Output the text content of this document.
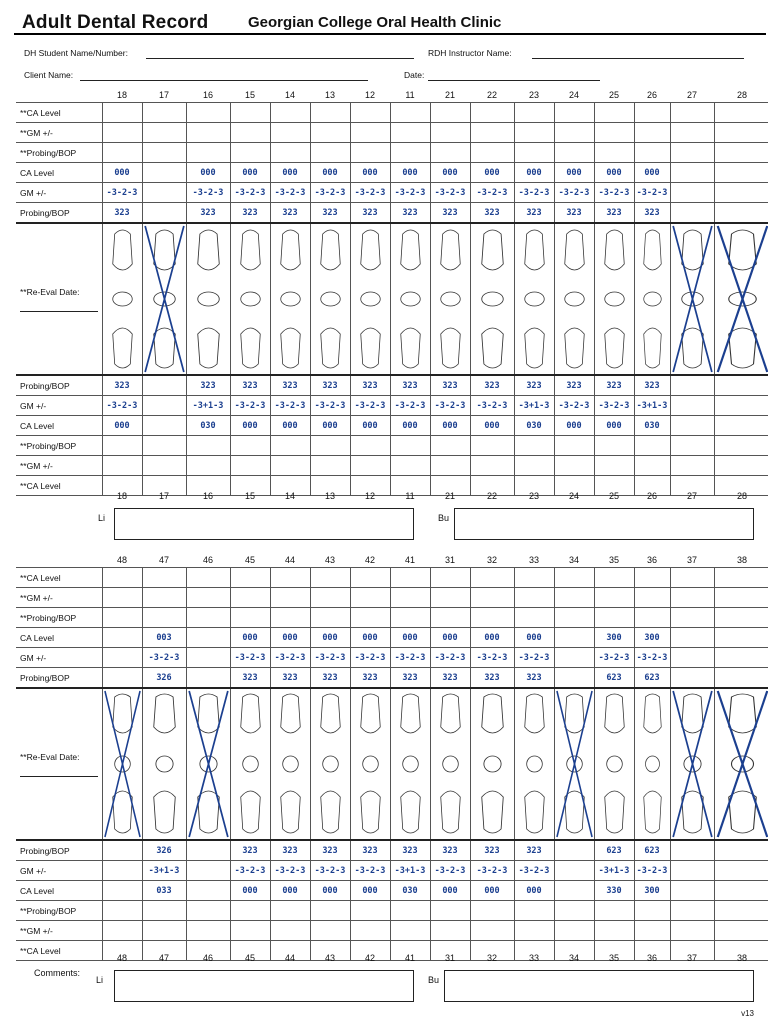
Adult Dental Record	Georgian College Oral Health Clinic
DH Student Name/Number:	RDH Instructor Name:
Client Name:	Date:
18	17	16	15	14	13	12	11	21	22	23	24	25	26	27	28
**CA Level																
**GM +/-																
**Probing/BOP																
CA Level	000		000	000	000	000	000	000	000	000	000	000	000	000		
GM +/-	-3-2-3		-3-2-3	-3-2-3	-3-2-3	-3-2-3	-3-2-3	-3-2-3	-3-2-3	-3-2-3	-3-2-3	-3-2-3	-3-2-3	-3-2-3		
Probing/BOP	323		323	323	323	323	323	323	323	323	323	323	323	323		
**Re-Eval Date:

Probing/BOP	323		323	323	323	323	323	323	323	323	323	323	323	323		
GM +/-	-3-2-3		-3+1-3	-3-2-3	-3-2-3	-3-2-3	-3-2-3	-3-2-3	-3-2-3	-3-2-3	-3+1-3	-3-2-3	-3-2-3	-3+1-3		
CA Level	000		030	000	000	000	000	000	000	000	030	000	000	030		
**Probing/BOP																
**GM +/-																
**CA Level																
18	17	16	15	14	13	12	11	21	22	23	24	25	26	27	28
Li	Bu
48	47	46	45	44	43	42	41	31	32	33	34	35	36	37	38
**CA Level																
**GM +/-																
**Probing/BOP																
CA Level		003		000	000	000	000	000	000	000	000		300	300		
GM +/-		-3-2-3		-3-2-3	-3-2-3	-3-2-3	-3-2-3	-3-2-3	-3-2-3	-3-2-3	-3-2-3		-3-2-3	-3-2-3		
Probing/BOP		326		323	323	323	323	323	323	323	323		623	623		
**Re-Eval Date:

Probing/BOP		326		323	323	323	323	323	323	323	323		623	623		
GM +/-		-3+1-3		-3-2-3	-3-2-3	-3-2-3	-3-2-3	-3+1-3	-3-2-3	-3-2-3	-3-2-3		-3+1-3	-3-2-3		
CA Level		033		000	000	000	000	030	000	000	000		330	300		
**Probing/BOP																
**GM +/-																
**CA Level																
48	47	46	45	44	43	42	41	31	32	33	34	35	36	37	38
Comments:
Li	Bu
v13
